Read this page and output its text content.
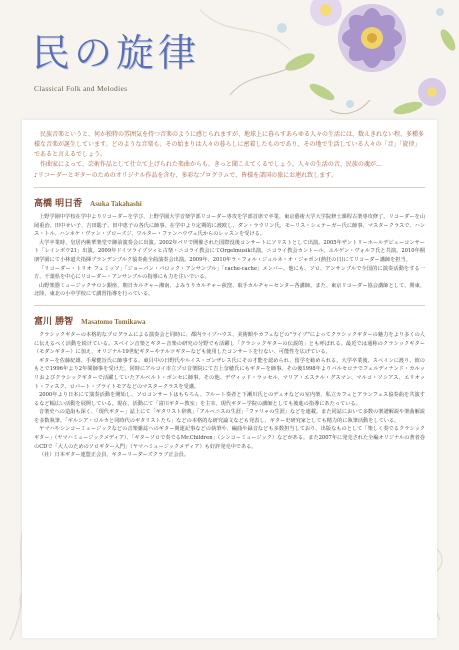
民の旋律
Classical Folk and Melodies

民族音楽というと、何か独特の雰囲気を持つ音楽のように感じられますが、地球上に暮らすあらゆる人々の生活には、数えきれない程、多種多様な音楽が誕生しています。どのような音楽も、その始まりは人々の暮らしに密着したものであり、その地で生活している人々の「音」「旋律」であると言えるでしょう。

作曲家によって、芸術作品として仕立て上げられた楽曲からも、きっと聞こえてくるでしょう。人々の生活の音、民族の魂が…

♪リコーダーとギターのためのオリジナル作品を含む、多彩なプログラムで、皆様を諸国の旅にお連れ致します。

高橋 明日香 Asuka Takahashi

上野学園中学校在学中よりリコーダーを学び、上野学園大学音楽学部リコーダー専攻を学部首席で卒業。東京藝術大学大学院修士課程古楽専攻修了。リコーダーを山岡重治、田中せい子、吉田聡子、田中恵子の各氏に師事。在学中より定期的に渡欧し、ダン・ラウリン氏、モーリス・シュテーガー氏に師事、マスタークラスで、ハンス・トル、ハンネケ・ヴァン・プローズジ、ワルター・ファンハウヴェ氏からのレッスンを受ける。

大学卒業時、皇居内桃華楽堂で御前演奏会に出演。2002年パリで開催された国際没後コンサートにソリストとして出演。2005年ザントリーホールデビューコンサート「レインボウ21」出演。2009年ドイツライプツィヒ古楽・ニコライ教会にてOrgelmusik出演。ニコライ教会カントール、ユルゲン・ヴォルフ氏と共演。2010年桐朋学園にて小林道夫指揮ブランデンブルク協奏曲全曲演奏会出演。2009年、2010年ラ・フォル・ジュルネ・オ・ジャポン(熱狂の日)にてリコーダー講師を担当。

「リコーダー・トリオ フェミッソ」「ジョーバン・バロック・アンサンブル」「cache-cache」メンバー。他にも、ソロ、アンサンブルで全国的に演奏活動をする一方、千葉県を中心にリコーダー・アンサンブルの指導にも力を注いでいる。

山野楽器ミュージックサロン銀座、朝日カルチャー湘南、よみうりカルチャー荻窪、取手カルチャーセンター各講師。また、東京リコーダー協会講師として、関東、北陸、東北の小中学校にて講習指導を行っている。

富川 勝智 Masatomo Tomikawa

クラシックギターの本格的なプログラムによる演奏会と同時に、都内ライブハウス、美術館やカフェなどの"ライブ"によってクラシックギターの魅力をより多くの人に伝えるべく活動を続けている。スペイン音楽とギター音楽の研究の分野でも活躍し「クラシックギターの伝説的」とも呼ばれる。最近では通称のクラシックギター（モダンギター）に加え、オリジナル19世紀ギターやテルツギターなども使用したコンサートを行ない、可能性を広げている。

ギターを佐藤紀雄、手塚健旨氏に師事する。東目中の日野氏やルイス・ゴンザレス氏にその才能を認められ、留学を勧められる。大学卒業後、スペインに渡り、彼のもとで1996年より2年間師事を受けた。同時にアルコイ市立プロ音楽院にて吉上奈穂氏にもギターを師事。その後1998年よりバルセロナでフェルディナンド・カルッリおよびクラシックギターで活躍していたアルベルト・ポンセに師事。その他、デヴィッド・ラッセル、マリア・エステル・グスマン、マルコ・ソシアス、エリオット・フィスク、ロバート・ブライトモアなどのマスタークラスを受講。

2000年より日本にて演奏活動を開始し、ソロコンサートはもちろん、フルート奏者と下瀬川氏とのデュオなどの室内楽、私立カフェとアランフェス協奏曲を共演するなど幅広い活動を展開している。現在、活動にて「富川ギター教室」を主宰、現代ギター学院の講師としても後進の指導にあたっている。

音楽史への造詣も深く、「現代ギター」誌上にて「ギタリスト辞典」「アルベニスの生涯」「ファリャの生涯」などを連載。また同誌において多数の楽譜解説や楽曲解説を多数執筆。「ギルシア・ロルカと同時代のギタリストたち」などの本格的な研究論文なども発表し、ギター史研究家としても精力的に執筆活動をしている。

ヤマハやシンコーミュージックなどの音楽雑誌へのギター関連記事などの執筆や、編曲や録音なども多数担当しており、出版なものとして「楽しく奏でるクラシックギター」（ヤマハミュージックメディア）、「ギターソロで奏でるMr.Children」（シンコーミュージック）などがある。また2007年に発売された全編オリジナルの著者巻のCDで「大人のためのソロギター入門」（ヤマハミュージックメディア）も好評発売中である。

（社）日本ギター連盟正会員、ギターリーダーズクラブ正会員。
